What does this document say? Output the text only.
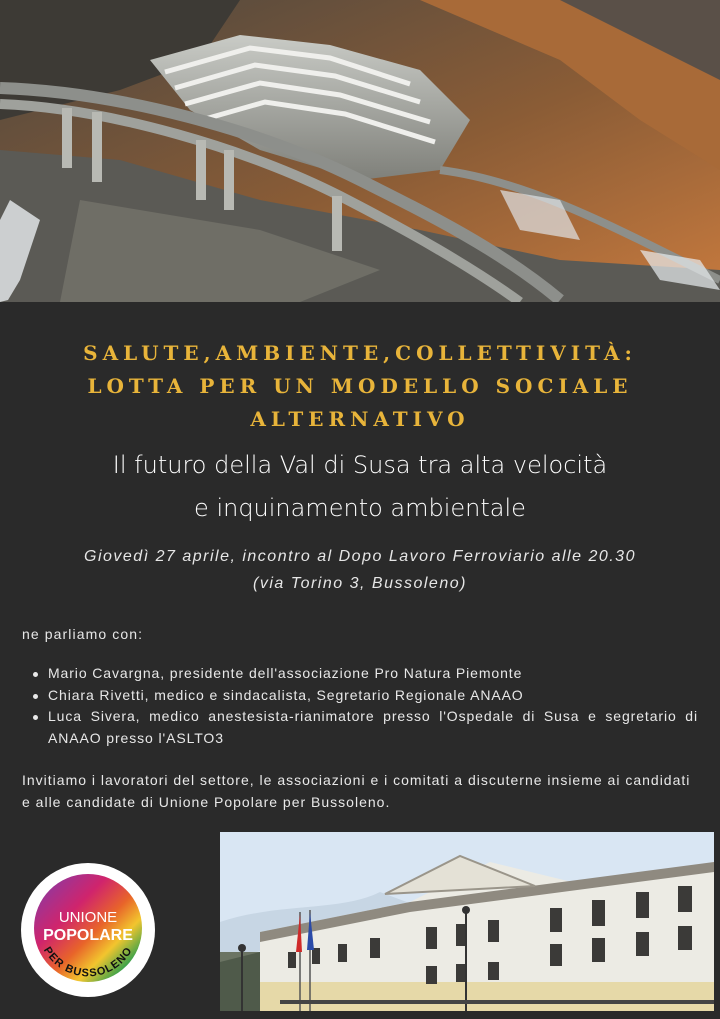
SALUTE,AMBIENTE,COLLETTIVITÀ:
LOTTA PER UN MODELLO SOCIALE
ALTERNATIVO
Il futuro della Val di Susa tra alta velocità
e inquinamento ambientale
Giovedì 27 aprile, incontro al Dopo Lavoro Ferroviario alle 20.30
(via Torino 3, Bussoleno)
ne parliamo con:
Mario Cavargna, presidente dell'associazione Pro Natura Piemonte
Chiara Rivetti, medico e sindacalista, Segretario Regionale ANAAO
Luca Sivera, medico anestesista-rianimatore presso l'Ospedale di Susa e segretario di ANAAO presso l'ASLTO3
Invitiamo i lavoratori del settore, le associazioni e i comitati a discuterne insieme ai candidati e alle candidate di Unione Popolare per Bussoleno.
UNIONE
POPOLARE
PER BUSSOLENO
